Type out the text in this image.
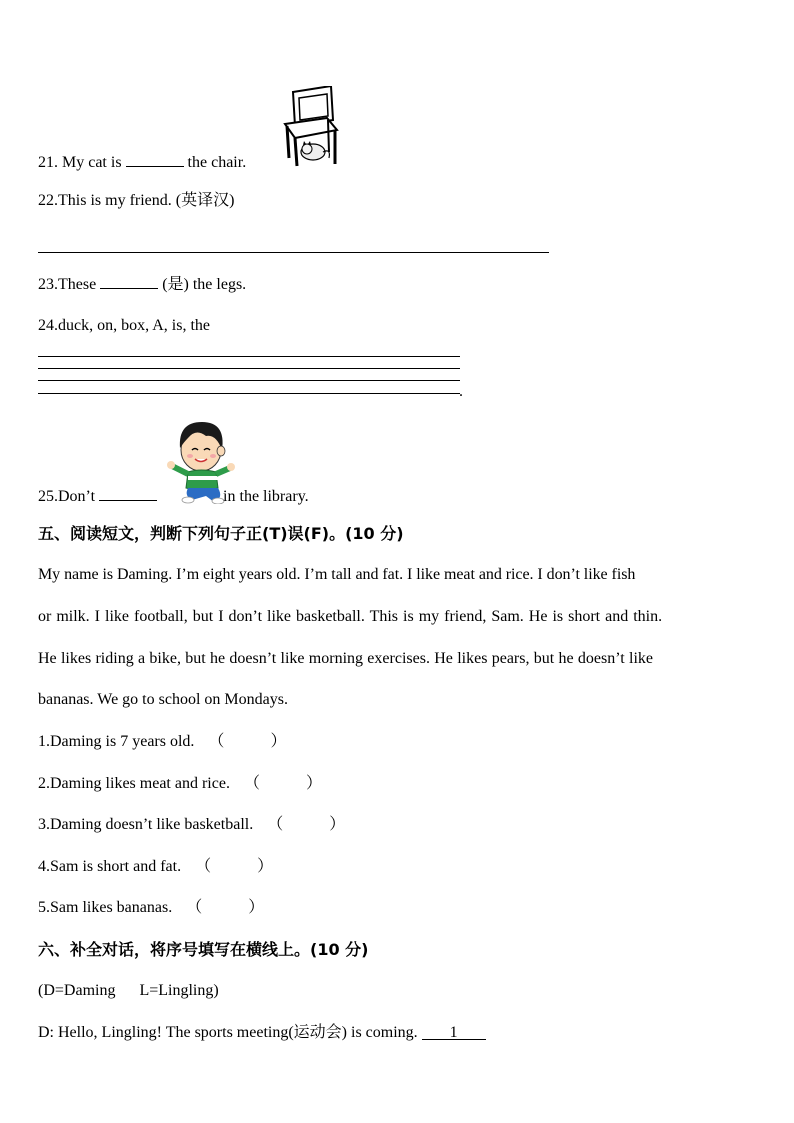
21. My cat is	the chair.
22.This is my friend. (英译汉)
23.These	(是) the legs.
24.duck, on, box, A, is, the
.
25.Don’t	in the library.
五、阅读短文，判断下列句子正(T)误(F)。(10 分)
My name is Daming. I’m eight years old. I’m tall and fat. I like meat and rice. I don’t like fish
or milk. I like football, but I don’t like basketball. This is my friend, Sam. He is short and thin.
He likes riding a bike, but he doesn’t like morning exercises. He likes pears, but he doesn’t like
bananas. We go to school on Mondays.
1.Daming is 7 years old. （	）
2.Daming likes meat and rice. （	）
3.Daming doesn’t like basketball. （	）
4.Sam is short and fat. （	）
5.Sam likes bananas. （	）
六、补全对话，将序号填写在横线上。(10 分)
(D=Daming      L=Lingling)
D: Hello, Lingling! The sports meeting(运动会) is coming. 1
